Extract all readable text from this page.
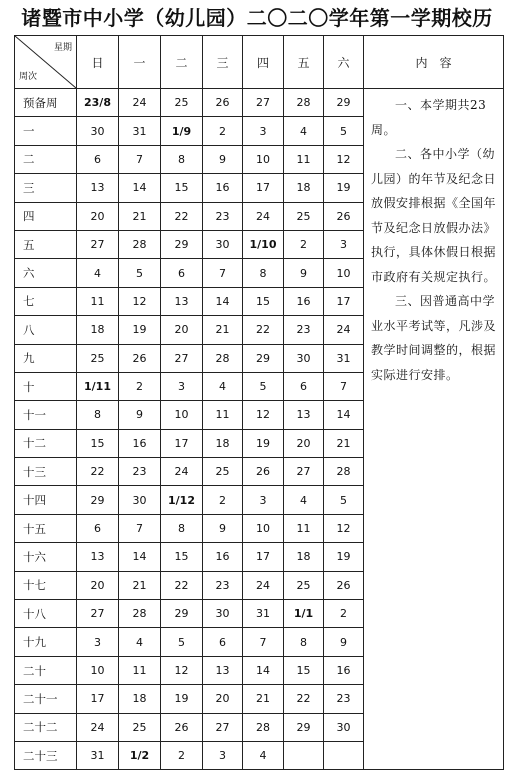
诸暨市中小学（幼儿园）二〇二〇学年第一学期校历
星期
周次	日	一	二	三	四	五	六	内　容
预备周	23/8	24	25	26	27	28	29	一、本学期共23周。

二、各中小学（幼儿园）的年节及纪念日放假安排根据《全国年节及纪念日放假办法》执行，具体休假日根据市政府有关规定执行。

三、因普通高中学业水平考试等，凡涉及教学时间调整的，根据实际进行安排。

一	30	31	1/9	2	3	4	5	
二	6	7	8	9	10	11	12	
三	13	14	15	16	17	18	19	
四	20	21	22	23	24	25	26	
五	27	28	29	30	1/10	2	3	
六	4	5	6	7	8	9	10	
七	11	12	13	14	15	16	17	
八	18	19	20	21	22	23	24	
九	25	26	27	28	29	30	31	
十	1/11	2	3	4	5	6	7	
十一	8	9	10	11	12	13	14	
十二	15	16	17	18	19	20	21	
十三	22	23	24	25	26	27	28	
十四	29	30	1/12	2	3	4	5	
十五	6	7	8	9	10	11	12	
十六	13	14	15	16	17	18	19	
十七	20	21	22	23	24	25	26	
十八	27	28	29	30	31	1/1	2	
十九	3	4	5	6	7	8	9	
二十	10	11	12	13	14	15	16	
二十一	17	18	19	20	21	22	23	
二十二	24	25	26	27	28	29	30	
二十三	31	1/2	2	3	4			
